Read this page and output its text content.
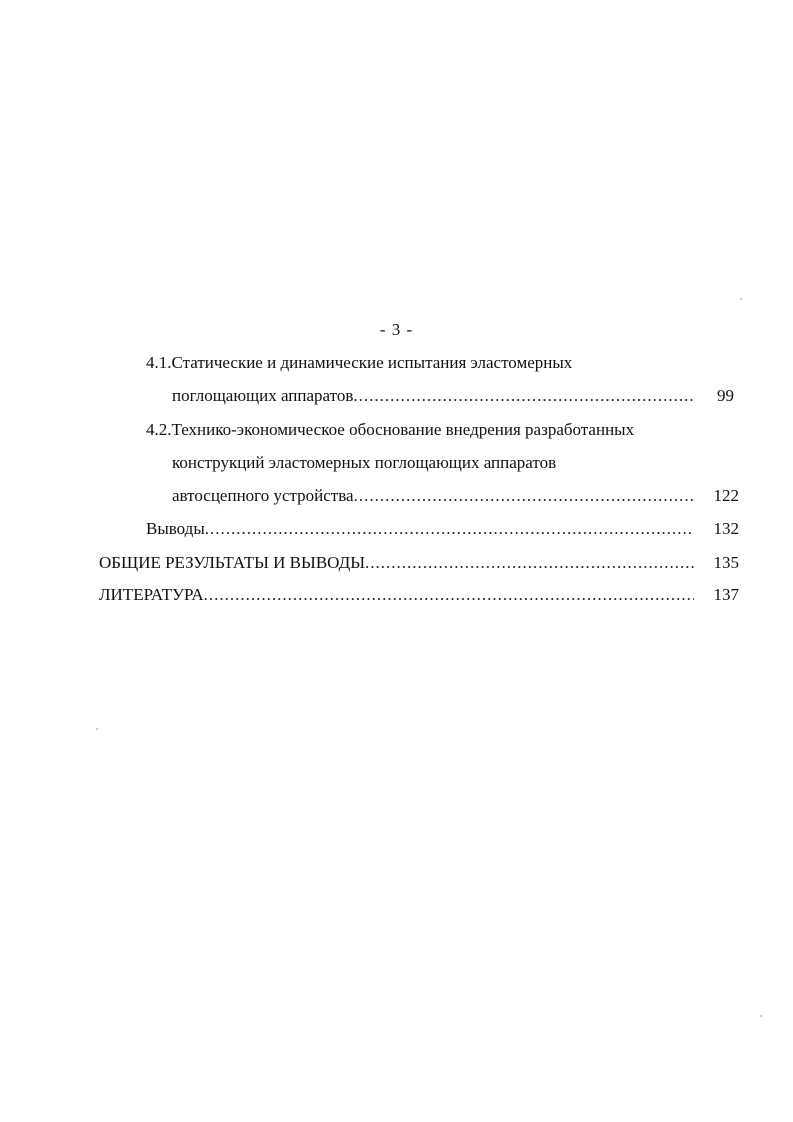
- 3 -
4.1.Статические и динамические испытания эластомерных
поглощающих аппаратов .....	99
4.2.Технико-экономическое обоснование внедрения разработанных
конструкций эластомерных поглощающих аппаратов
автосцепного устройства .....	122
Выводы .....	132
ОБЩИЕ РЕЗУЛЬТАТЫ И ВЫВОДЫ .....	135
ЛИТЕРАТУРА .....	137
